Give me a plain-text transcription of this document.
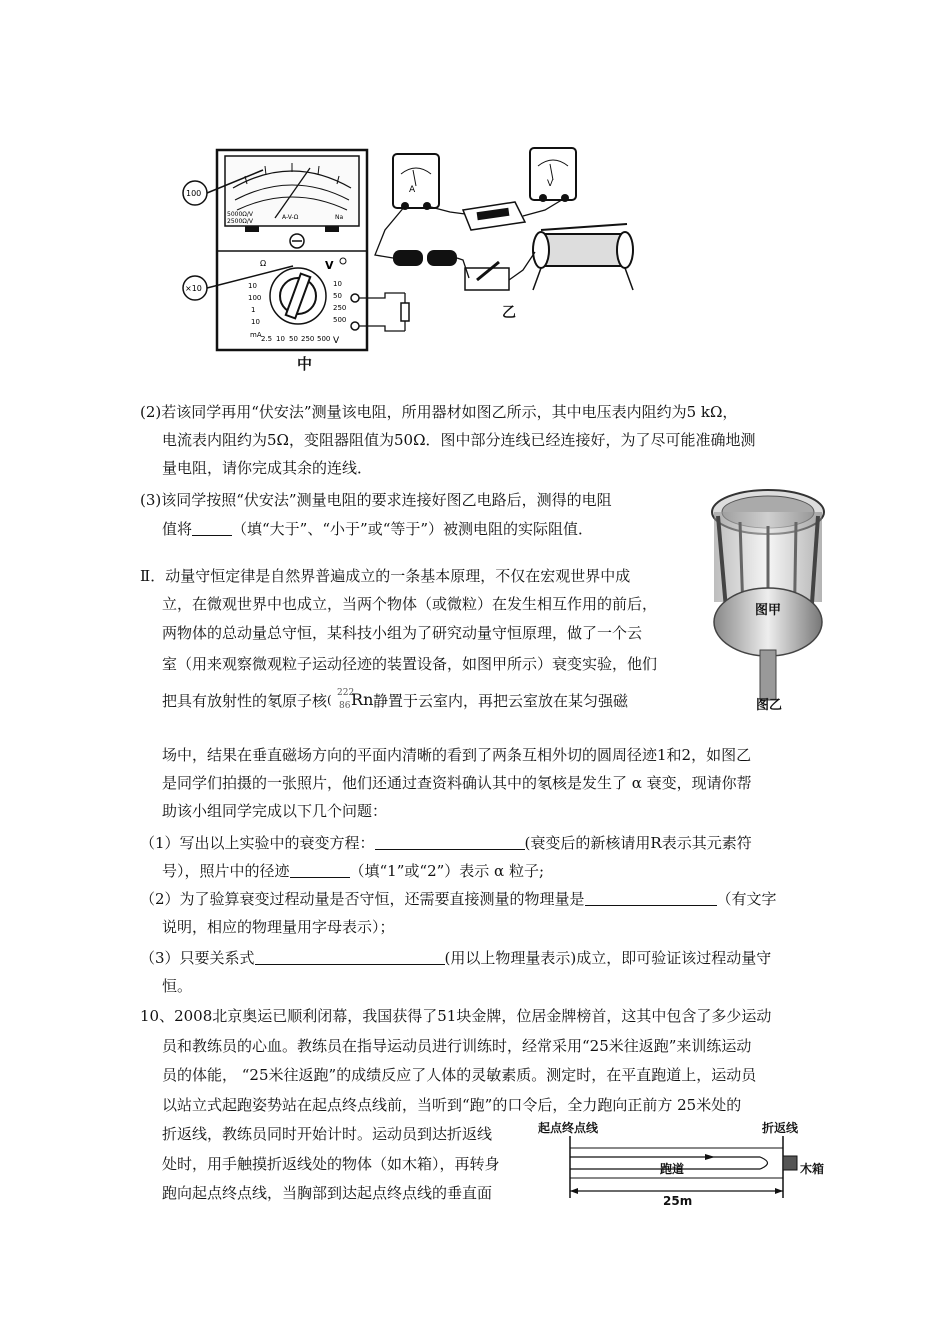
5000Ω/V
2500Ω/V
A-V-Ω	Na
Ω	V
10
100
1
10
mA
10
50
250
500
2.5 10 50 250 500 V
100
×10
中
A
V
乙
图甲
图乙
起点终点线	折返线
跑道	木箱
25m
(2)若该同学再用“伏安法”测量该电阻，所用器材如图乙所示，其中电压表内阻约为5 kΩ，
电流表内阻约为5Ω，变阻器阻值为50Ω．图中部分连线已经连接好，为了尽可能准确地测
量电阻，请你完成其余的连线．
(3)该同学按照“伏安法”测量电阻的要求连接好图乙电路后，测得的电阻
值将	（填“大于”、“小于”或“等于”）被测电阻的实际阻值．
Ⅱ．动量守恒定律是自然界普遍成立的一条基本原理，不仅在宏观世界中成
立，在微观世界中也成立，当两个物体（或微粒）在发生相互作用的前后，
两物体的总动量总守恒，某科技小组为了研究动量守恒原理，做了一个云
室（用来观察微观粒子运动径迹的装置设备，如图甲所示）衰变实验，他们
把具有放射性的氡原子核 ( 222
86 Rn 静置于云室内，再把云室放在某匀强磁
场中，结果在垂直磁场方向的平面内清晰的看到了两条互相外切的圆周径迹1和2，如图乙
是同学们拍摄的一张照片，他们还通过查资料确认其中的氡核是发生了 α 衰变，现请你帮
助该小组同学完成以下几个问题：
（1）写出以上实验中的衰变方程：	(衰变后的新核请用R表示其元素符
号），照片中的径迹	（填“1”或“2”）表示 α 粒子;
（2）为了验算衰变过程动量是否守恒，还需要直接测量的物理量是	（有文字
说明，相应的物理量用字母表示）；
（3）只要关系式	(用以上物理量表示)成立，即可验证该过程动量守
恒。
10、2008北京奥运已顺利闭幕，我国获得了51块金牌，位居金牌榜首，这其中包含了多少运动
员和教练员的心血。教练员在指导运动员进行训练时，经常采用“25米往返跑”来训练运动
员的体能， “25米往返跑”的成绩反应了人体的灵敏素质。测定时，在平直跑道上，运动员
以站立式起跑姿势站在起点终点线前，当听到“跑”的口令后，全力跑向正前方 25米处的
折返线，教练员同时开始计时。运动员到达折返线
处时，用手触摸折返线处的物体（如木箱），再转身
跑向起点终点线，当胸部到达起点终点线的垂直面
